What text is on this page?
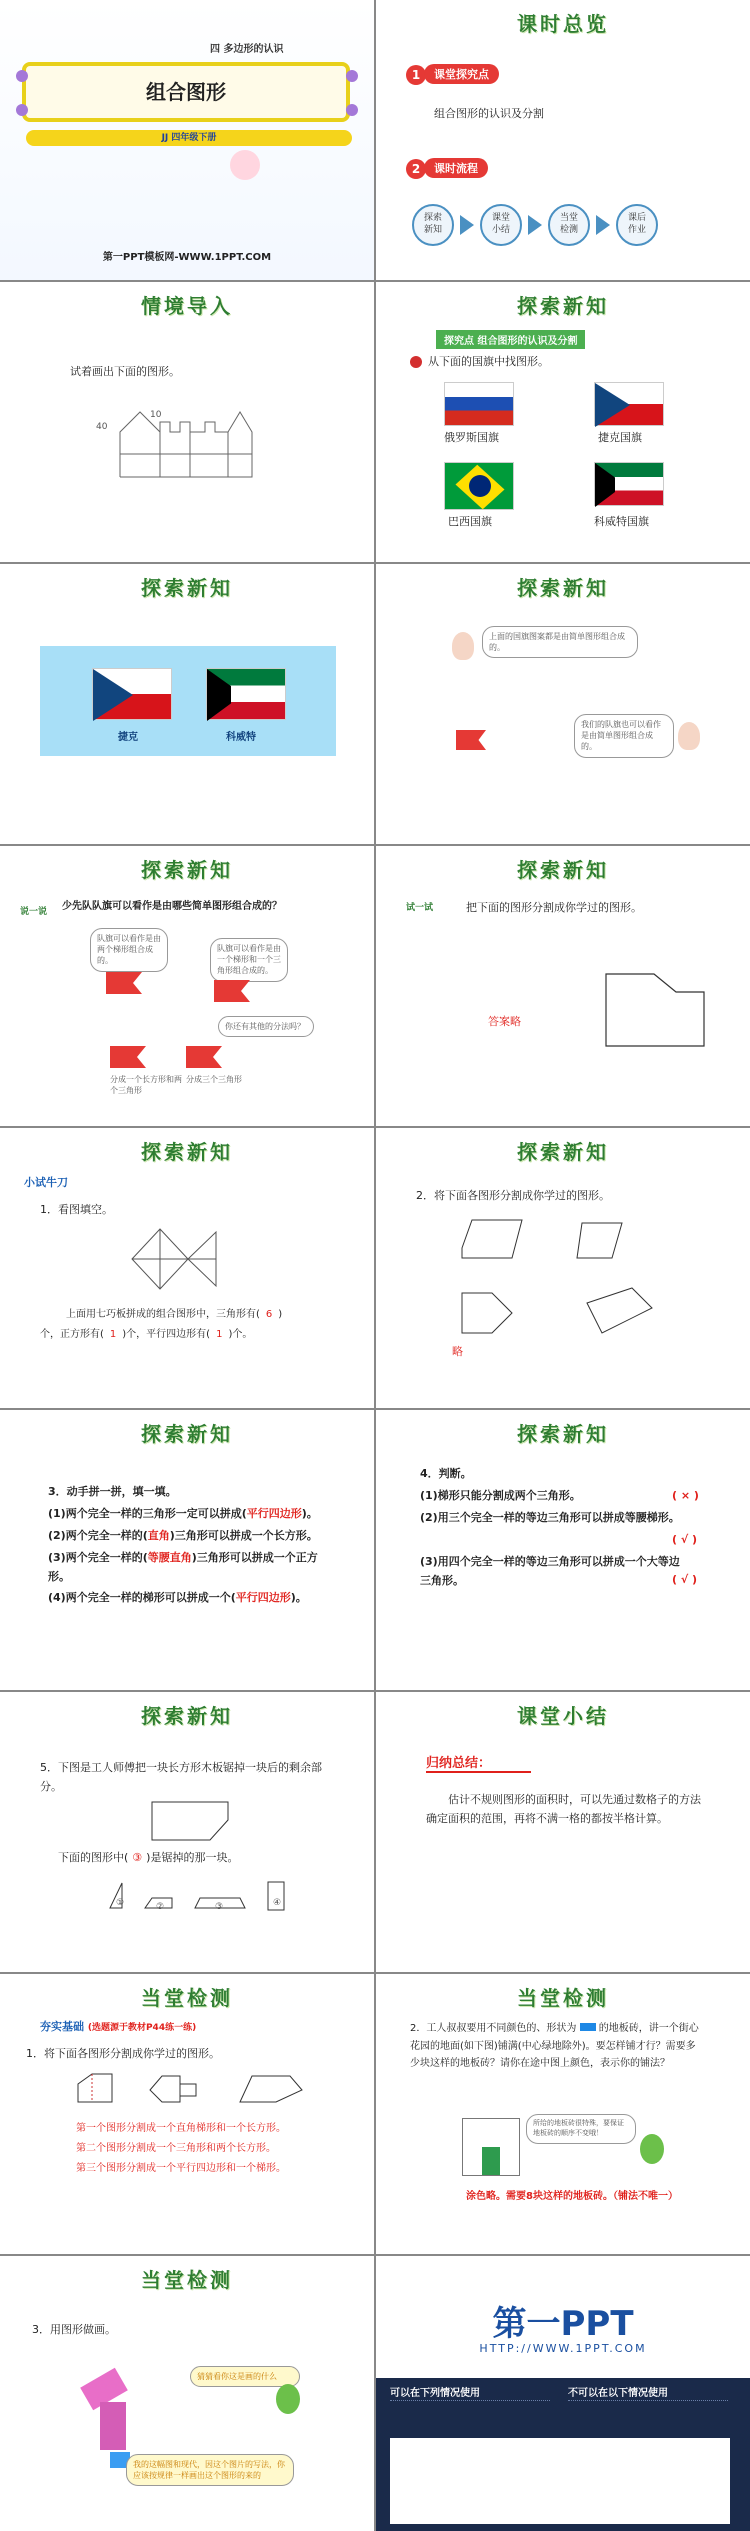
四 多边形的认识
组合图形
JJ 四年级下册
第一PPT模板网-WWW.1PPT.COM
课时总览
1	课堂探究点
组合图形的认识及分割
2	课时流程
探索
新知
课堂
小结
当堂
检测
课后
作业
情境导入
试着画出下面的图形。
40
10
探索新知
探究点 组合图形的认识及分割
从下面的国旗中找图形。
俄罗斯国旗	捷克国旗
巴西国旗	科威特国旗
探索新知
捷克	科威特
探索新知
上面的国旗图案都是由简单图形组合成的。
我们的队旗也可以看作是由简单图形组合成的。
探索新知
说一说 少先队队旗可以看作是由哪些简单图形组合成的？
队旗可以看作是由两个梯形组合成的。
队旗可以看作是由一个梯形和一个三角形组合成的。
你还有其他的分法吗？
分成一个长方形和两个三角形
分成三个三角形
探索新知
试一试	把下面的图形分割成你学过的图形。
答案略
探索新知
小试牛刀
1．看图填空。
上面用七巧板拼成的组合图形中，三角形有( 6 )
个，正方形有( 1 )个，平行四边形有( 1 )个。
探索新知
2．将下面各图形分割成你学过的图形。
略
探索新知
3．动手拼一拼，填一填。
(1)两个完全一样的三角形一定可以拼成(平行四边形)。
(2)两个完全一样的(直角)三角形可以拼成一个长方形。
(3)两个完全一样的(等腰直角)三角形可以拼成一个正方形。
(4)两个完全一样的梯形可以拼成一个(平行四边形)。
探索新知
4．判断。
(1)梯形只能分割成两个三角形。	( × )
(2)用三个完全一样的等边三角形可以拼成等腰梯形。
( √ )
(3)用四个完全一样的等边三角形可以拼成一个大等边三角形。	( √ )
探索新知
5．下图是工人师傅把一块长方形木板锯掉一块后的剩余部分。
下面的图形中( ③ )是锯掉的那一块。
①	②	③	④
课堂小结
归纳总结：
估计不规则图形的面积时，可以先通过数格子的方法确定面积的范围，再将不满一格的都按半格计算。
当堂检测
夯实基础 (选题源于教材P44练一练)
1．将下面各图形分割成你学过的图形。
第一个图形分割成一个直角梯形和一个长方形。
第二个图形分割成一个三角形和两个长方形。
第三个图形分割成一个平行四边形和一个梯形。
当堂检测
2．工人叔叔要用不同颜色的、形状为 的地板砖，讲一个街心花园的地面(如下图)铺满(中心绿地除外)。要怎样铺才行？需要多少块这样的地板砖？请你在途中图上颜色，表示你的铺法？
所给的地板砖很特殊，要保证地板砖的顺序不变哦！
涂色略。需要8块这样的地板砖。（铺法不唯一）
当堂检测
3．用图形做画。
猜猜看你这是画的什么
我的这幅图和现代，因这个图片的写法，你应该按规律一样画出这个图形的来的
第一PPT
HTTP://WWW.1PPT.COM
可以在下列情况使用	不可以在以下情况使用
